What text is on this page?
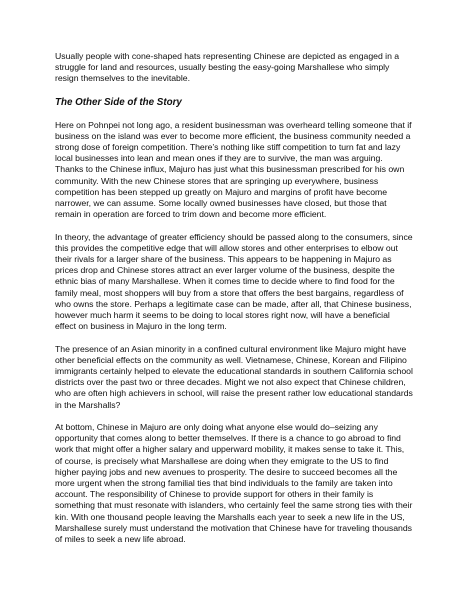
Usually people with cone-shaped hats representing Chinese are depicted as engaged in a struggle for land and resources, usually besting the easy-going Marshallese who simply resign themselves to the inevitable.

The Other Side of the Story

Here on Pohnpei not long ago, a resident businessman was overheard telling someone that if business on the island was ever to become more efficient, the business community needed a strong dose of foreign competition. There’s nothing like stiff competition to turn fat and lazy local businesses into lean and mean ones if they are to survive, the man was arguing. Thanks to the Chinese influx, Majuro has just what this businessman prescribed for his own community. With the new Chinese stores that are springing up everywhere, business competition has been stepped up greatly on Majuro and margins of profit have become narrower, we can assume. Some locally owned businesses have closed, but those that remain in operation are forced to trim down and become more efficient.

In theory, the advantage of greater efficiency should be passed along to the consumers, since this provides the competitive edge that will allow stores and other enterprises to elbow out their rivals for a larger share of the business. This appears to be happening in Majuro as prices drop and Chinese stores attract an ever larger volume of the business, despite the ethnic bias of many Marshallese. When it comes time to decide where to find food for the family meal, most shoppers will buy from a store that offers the best bargains, regardless of who owns the store. Perhaps a legitimate case can be made, after all, that Chinese business, however much harm it seems to be doing to local stores right now, will have a beneficial effect on business in Majuro in the long term.

The presence of an Asian minority in a confined cultural environment like Majuro might have other beneficial effects on the community as well. Vietnamese, Chinese, Korean and Filipino immigrants certainly helped to elevate the educational standards in southern California school districts over the past two or three decades. Might we not also expect that Chinese children, who are often high achievers in school, will raise the present rather low educational standards in the Marshalls?

At bottom, Chinese in Majuro are only doing what anyone else would do–seizing any opportunity that comes along to better themselves. If there is a chance to go abroad to find work that might offer a higher salary and upperward mobility, it makes sense to take it. This, of course, is precisely what Marshallese are doing when they emigrate to the US to find higher paying jobs and new avenues to prosperity. The desire to succeed becomes all the more urgent when the strong familial ties that bind individuals to the family are taken into account. The responsibility of Chinese to provide support for others in their family is something that must resonate with islanders, who certainly feel the same strong ties with their kin. With one thousand people leaving the Marshalls each year to seek a new life in the US, Marshallese surely must understand the motivation that Chinese have for traveling thousands of miles to seek a new life abroad.
